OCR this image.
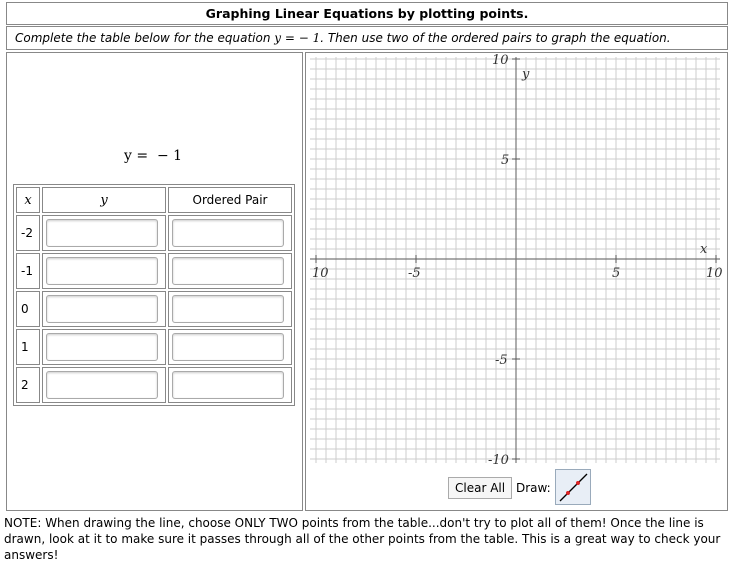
Graphing Linear Equations by plotting points.
Complete the table below for the equation y = − 1. Then use two of the ordered pairs to graph the equation.
y =  − 1
x	y	Ordered Pair
-2		
-1		
0		
1		
2		
10	-5	5	10
10
5
-5
-10
x
y
Clear All Draw:
NOTE: When drawing the line, choose ONLY TWO points from the table...don't try to plot all of them! Once the line is drawn, look at it to make sure it passes through all of the other points from the table. This is a great way to check your answers!
